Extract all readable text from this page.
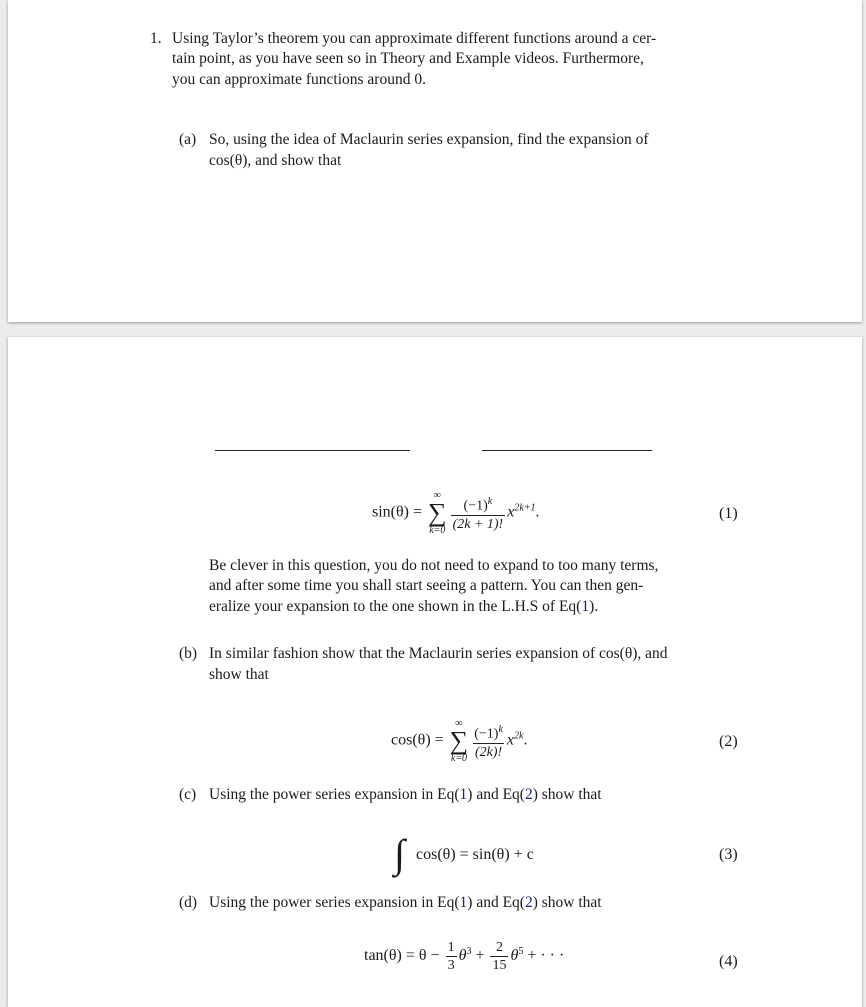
1. Using Taylor’s theorem you can approximate different functions around a cer-
tain point, as you have seen so in Theory and Example videos. Furthermore,
you can approximate functions around 0.
(a) So, using the idea of Maclaurin series expansion, find the expansion of
cos(θ), and show that
sin(θ) =
∞
∑
$k=0 \frac{(-1)^k}{(2k + 1)!} x^{2k+1}$.	(1)
Be clever in this question, you do not need to expand to too many terms,
and after some time you shall start seeing a pattern. You can then gen-
eralize your expansion to the one shown in the L.H.S of Eq(1).
(b) In similar fashion show that the Maclaurin series expansion of cos(θ), and
show that
cos(θ) =
∞
∑
$k=0 \frac{(-1)^k}{(2k)!} x^{2k}$.	(2)
(c) Using the power series expansion in Eq(1) and Eq(2) show that
∫ cos(θ) = sin(θ) + c	(3)
(d) Using the power series expansion in Eq(1) and Eq(2) show that
$\tan(\theta) = \theta - \frac{1}{3} \theta^3 + \frac{2}{15} \theta^5$ + · · ·	(4)
